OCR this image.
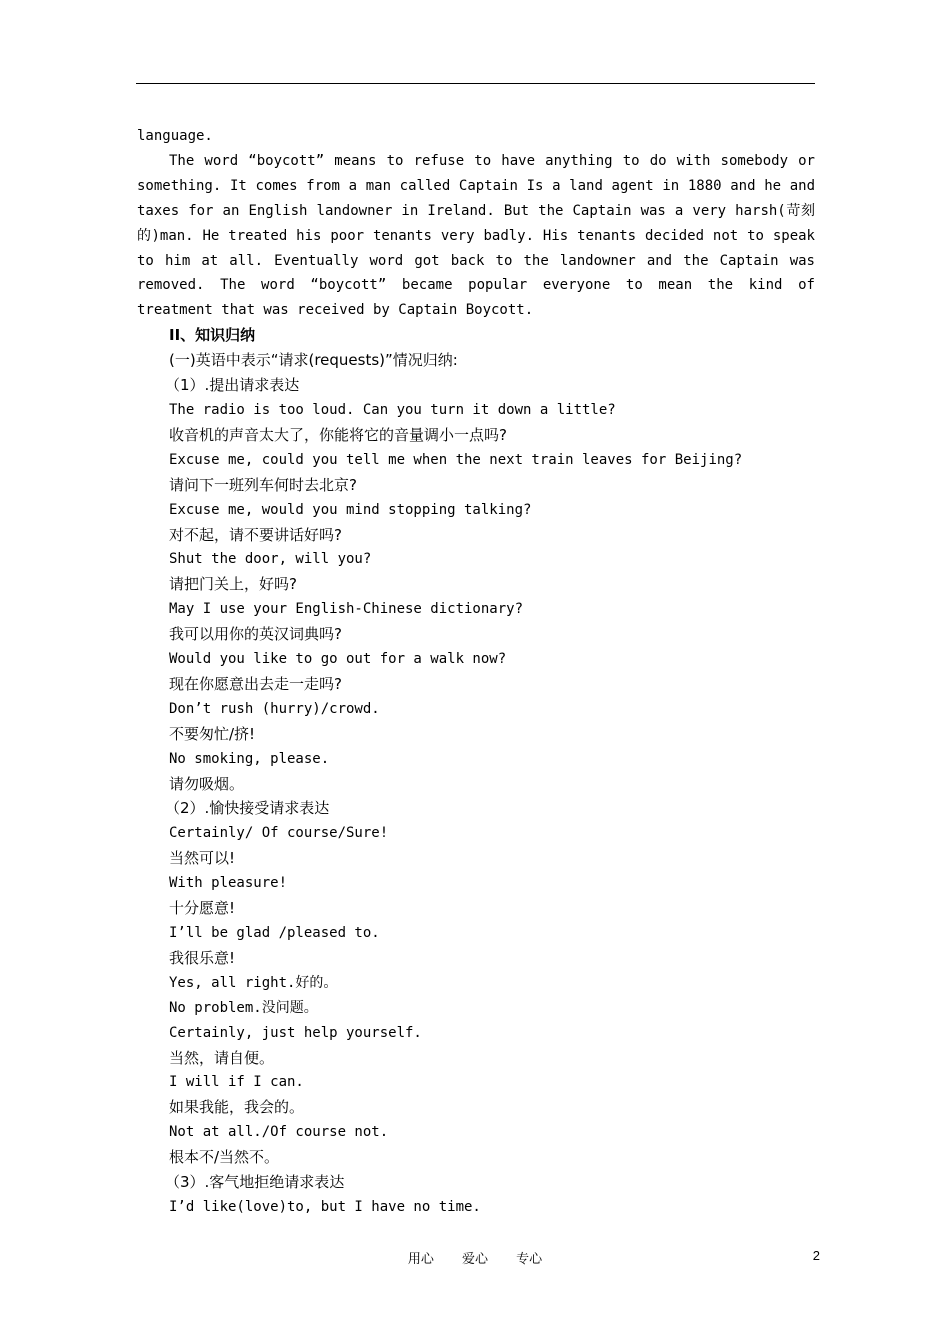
language.

The word “boycott” means to refuse to have anything to do with somebody or something. It comes from a man called Captain Is a land agent in 1880 and he and taxes for an English landowner in Ireland. But the Captain was a very harsh(苛刻的)man. He treated his poor tenants very badly. His tenants decided not to speak to him at all. Eventually word got back to the landowner and the Captain was removed. The word “boycott” became popular everyone to mean the kind of treatment that was received by Captain Boycott.

II、知识归纳

(一)英语中表示“请求(requests)”情况归纳:

（1）.提出请求表达

The radio is too loud. Can you turn it down a little?

收音机的声音太大了，你能将它的音量调小一点吗?

Excuse me, could you tell me when the next train leaves for Beijing?

请问下一班列车何时去北京?

Excuse me, would you mind stopping talking?

对不起，请不要讲话好吗?

Shut the door, will you?

请把门关上，好吗?

May I use your English-Chinese dictionary?

我可以用你的英汉词典吗?

Would you like to go out for a walk now?

现在你愿意出去走一走吗?

Don’t rush (hurry)/crowd.

不要匆忙/挤!

No smoking, please.

请勿吸烟。

（2）.愉快接受请求表达

Certainly/ Of course/Sure!

当然可以!

With pleasure!

十分愿意!

I’ll be glad /pleased to.

我很乐意!

Yes, all right.好的。

No problem.没问题。

Certainly, just help yourself.

当然，请自便。

I will if I can.

如果我能，我会的。

Not at all./Of course not.

根本不/当然不。

（3）.客气地拒绝请求表达

I’d like(love)to, but I have no time.

用心 爱心 专心	2
